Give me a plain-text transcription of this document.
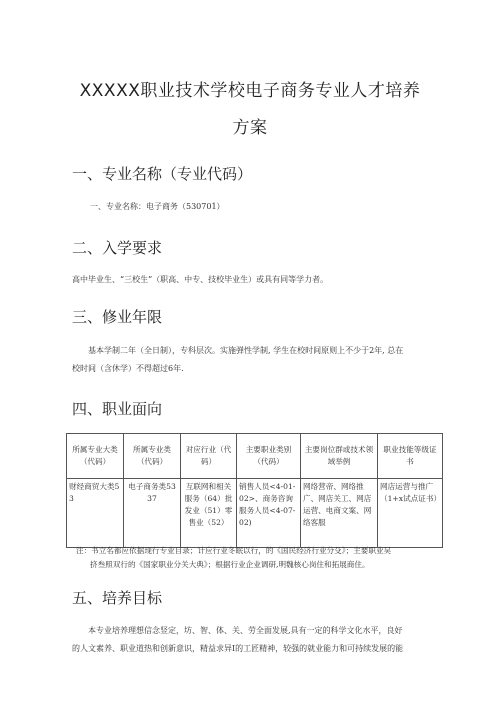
XXXXX职业技术学校电子商务专业人才培养
方案
一、专业名称（专业代码）
一、专业名称：电子商务（530701）
二、入学要求
高中毕业生、“三校生”（职高、中专、技校毕业生）或具有同等学力者。
三、修业年限
基本学制二年（全日制），专科层次。实施弹性学制, 学生在校时间原则上不少于2年, 总在
校时间（含休学）不得超过6年.
四、职业面向
所属专业大类（代码）	所属专业类（代码）	对应行业（代码）	主要职业类别（代码）	主要岗位群或技术领域举例	职业技能等级证书
财经商贸大类53	电子商务类5337	互联网和相关服务（64）批发业（51）零售业（52）	销售人员<4-01-02>、商务咨询服务人员<4-07-02)	网络营帝、网络推广、网店关工、网店运营、电商文案、网络客服	网店运营与推广（1+x试点证书）
注：书立名都应依据现行专业目录；计应行业冬眠以行，的《国民经济行业分殳》；主要职业吴
挤叁照双行的《国家职业分关大典》；根据行业企业调研,明魏核心岗住和拓展商住。
五、培养目标
本专业培养理想信念竖定，坊、智、体、关、劳全面发展,具有一定的科学文化水平，良好
的人文素养、职业道热和创新意识，精益求异I的工匠精神，较强的就业能力和可持续发展的能
